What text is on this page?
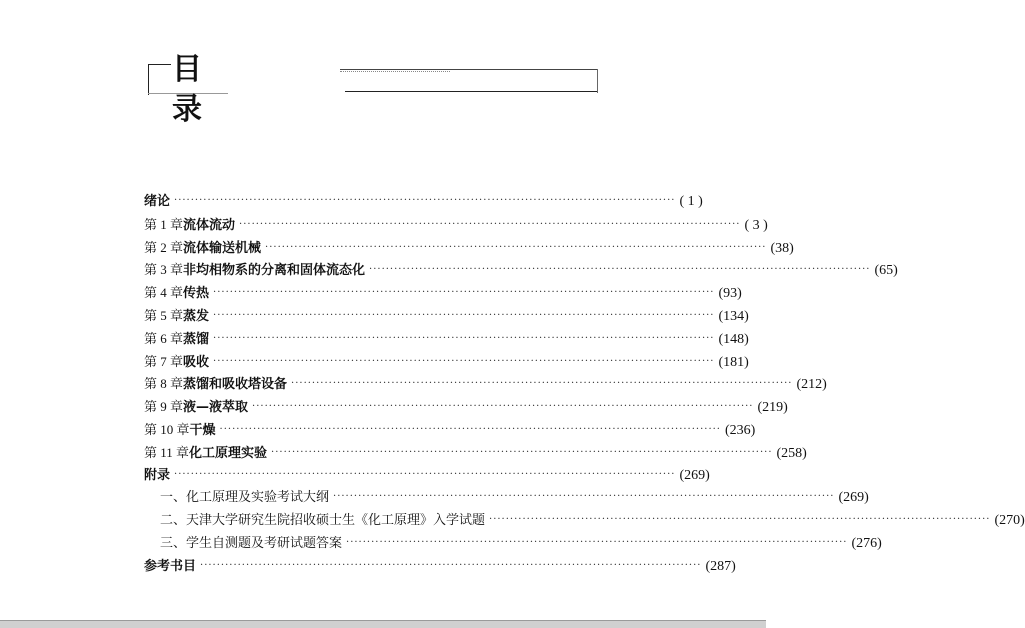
目　录
绪论 ························································································································ ( 1 )
第 1 章 流体流动 ························································································································ ( 3 )
第 2 章 流体输送机械 ························································································································ (38)
第 3 章 非均相物系的分离和固体流态化 ························································································································ (65)
第 4 章 传热 ························································································································ (93)
第 5 章 蒸发 ························································································································ (134)
第 6 章 蒸馏 ························································································································ (148)
第 7 章 吸收 ························································································································ (181)
第 8 章 蒸馏和吸收塔设备 ························································································································ (212)
第 9 章 液—液萃取 ························································································································ (219)
第 10 章 干燥 ························································································································ (236)
第 11 章 化工原理实验 ························································································································ (258)
附录 ························································································································ (269)
一、化工原理及实验考试大纲 ························································································································ (269)
二、天津大学研究生院招收硕士生《化工原理》入学试题 ························································································································ (270)
三、学生自测题及考研试题答案 ························································································································ (276)
参考书目 ························································································································ (287)
